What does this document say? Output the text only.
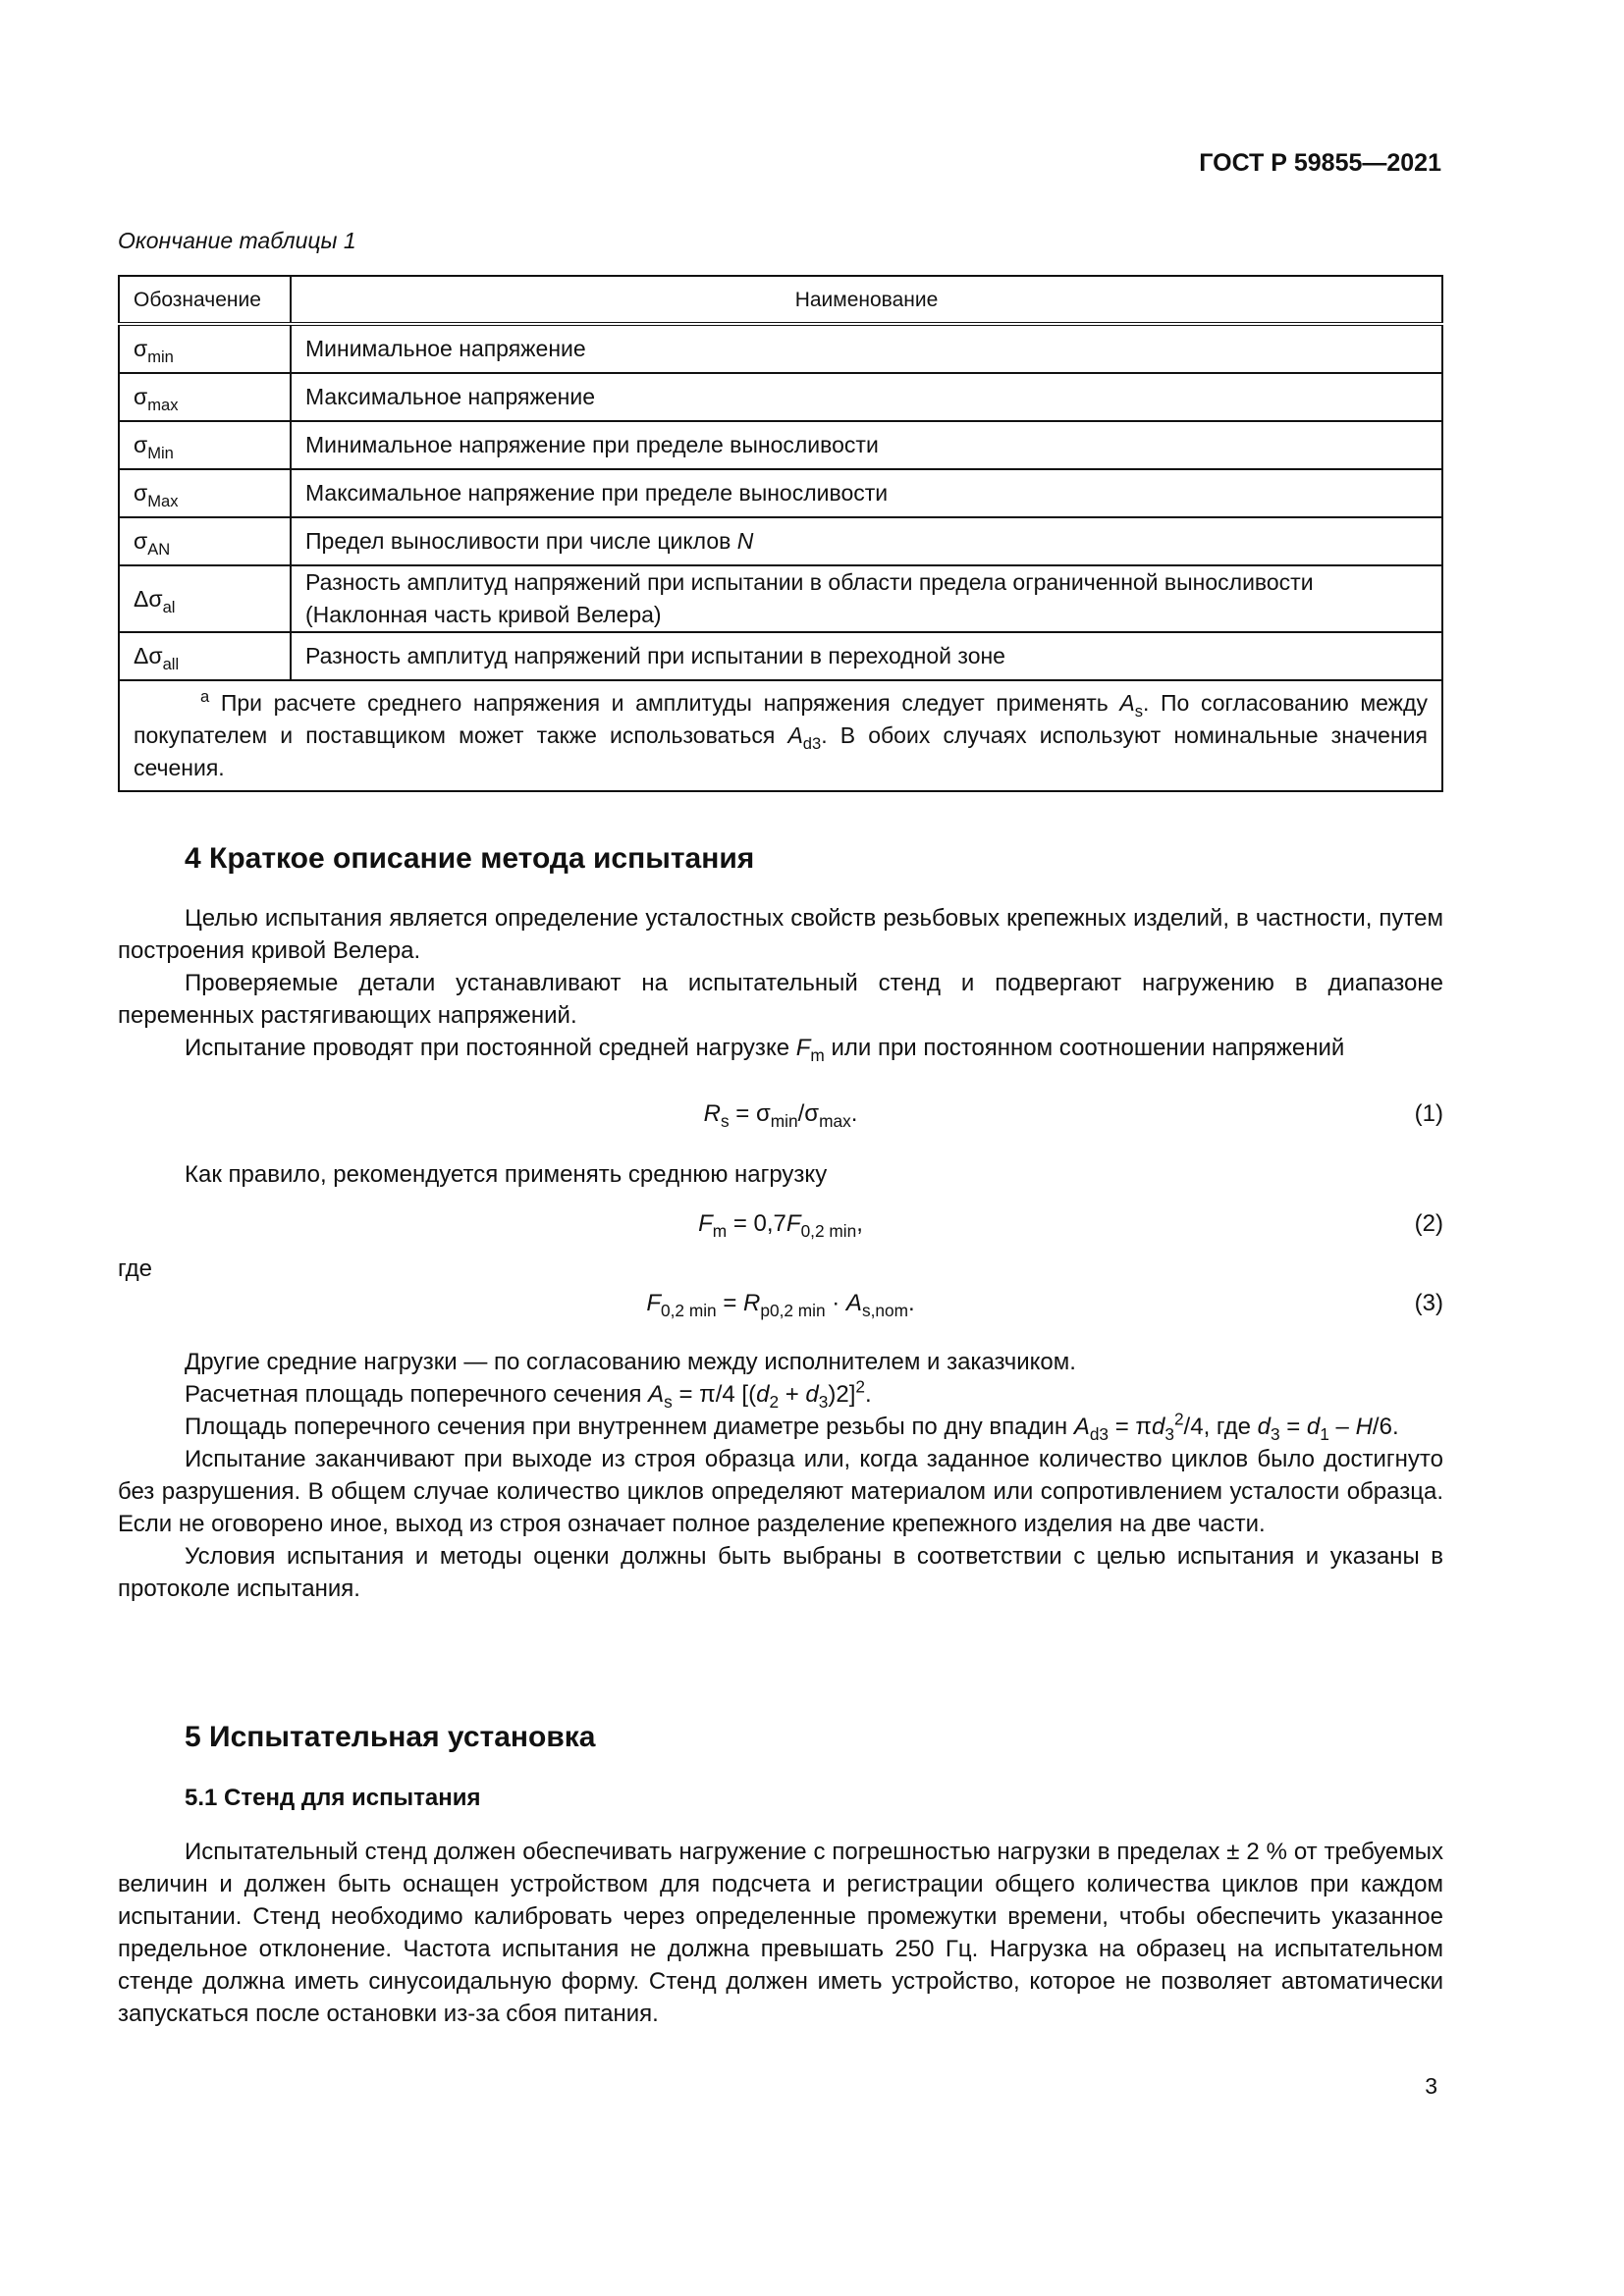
ГОСТ Р 59855—2021
Окончание таблицы 1
Обозначение	Наименование
$\sigma_{min}$	Минимальное напряжение
$\sigma_{max}$	Максимальное напряжение
$\sigma_{Min}$	Минимальное напряжение при пределе выносливости
$\sigma_{Max}$	Максимальное напряжение при пределе выносливости
$\sigma_{AN}$	Предел выносливости при числе циклов N
$\Delta\sigma_{al}$	Разность амплитуд напряжений при испытании в области предела ограниченной выносливости (Наклонная часть кривой Велера)
$\Delta\sigma_{all}$	Разность амплитуд напряжений при испытании в переходной зоне
$^a$ При расчете среднего напряжения и амплитуды напряжения следует применять $A_s$. По согласованию между покупателем и поставщиком может также использоваться $A_{d3}$. В обоих случаях используют номинальные значения сечения.	
4 Краткое описание метода испытания

Целью испытания является определение усталостных свойств резьбовых крепежных изделий, в частности, путем построения кривой Велера.

Проверяемые детали устанавливают на испытательный стенд и подвергают нагружению в диапазоне переменных растягивающих напряжений.

Испытание проводят при постоянной средней нагрузке $F_m$ или при постоянном соотношении напряжений

$R_s = \sigma_{min}/\sigma_{max}$.	(1)

Как правило, рекомендуется применять среднюю нагрузку

$F_m = 0,7F_{0,2 min}$,	(2)

где

$F_{0,2 min} = R_{p0,2 min} \cdot A_{s,nom}$.	(3)

Другие средние нагрузки — по согласованию между исполнителем и заказчиком.

Расчетная площадь поперечного сечения $A_s = \pi/4$ $[(d_2 + d_3)2]^2$.

Площадь поперечного сечения при внутреннем диаметре резьбы по дну впадин $A_{d3} = \pi d_3^2/4$, где $d_3 = d_1 - H/6$.

Испытание заканчивают при выходе из строя образца или, когда заданное количество циклов было достигнуто без разрушения. В общем случае количество циклов определяют материалом или сопротивлением усталости образца. Если не оговорено иное, выход из строя означает полное разделение крепежного изделия на две части.

Условия испытания и методы оценки должны быть выбраны в соответствии с целью испытания и указаны в протоколе испытания.

5 Испытательная установка
5.1 Стенд для испытания

Испытательный стенд должен обеспечивать нагружение с погрешностью нагрузки в пределах ± 2 % от требуемых величин и должен быть оснащен устройством для подсчета и регистрации общего количества циклов при каждом испытании. Стенд необходимо калибровать через определенные промежутки времени, чтобы обеспечить указанное предельное отклонение. Частота испытания не должна превышать 250 Гц. Нагрузка на образец на испытательном стенде должна иметь синусоидальную форму. Стенд должен иметь устройство, которое не позволяет автоматически запускаться после остановки из-за сбоя питания.

3
